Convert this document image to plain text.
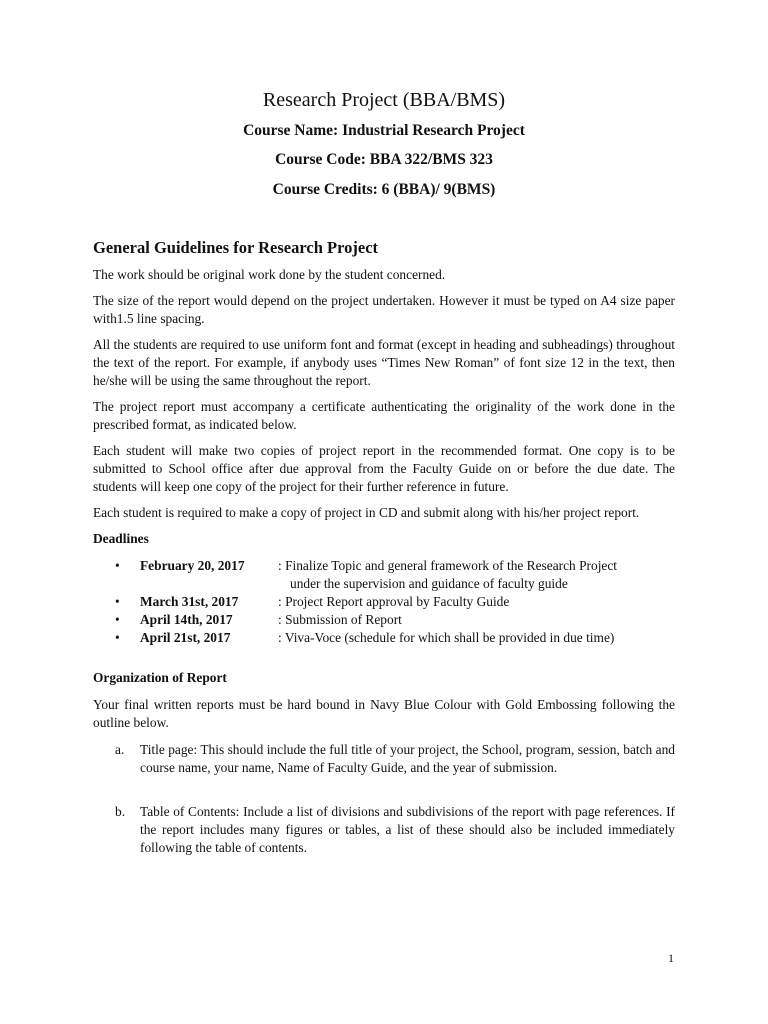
Research Project (BBA/BMS)
Course Name: Industrial Research Project
Course Code: BBA 322/BMS 323
Course Credits: 6 (BBA)/ 9(BMS)
General Guidelines for Research Project

The work should be original work done by the student concerned.

The size of the report would depend on the project undertaken. However it must be typed on A4 size paper with1.5 line spacing.

All the students are required to use uniform font and format (except in heading and subheadings) throughout the text of the report. For example, if anybody uses “Times New Roman” of font size 12 in the text, then he/she will be using the same throughout the report.

The project report must accompany a certificate authenticating the originality of the work done in the prescribed format, as indicated below.

Each student will make two copies of project report in the recommended format. One copy is to be submitted to School office after due approval from the Faculty Guide on or before the due date. The students will keep one copy of the project for their further reference in future.

Each student is required to make a copy of project in CD and submit along with his/her project report.

Deadlines
• February 20, 2017	: Finalize Topic and general framework of the Research Project
under the supervision and guidance of faculty guide
• March 31st, 2017	: Project Report approval by Faculty Guide
• April 14th, 2017	: Submission of Report
• April 21st, 2017	: Viva-Voce (schedule for which shall be provided in due time)
Organization of Report

Your final written reports must be hard bound in Navy Blue Colour with Gold Embossing following the outline below.

a. Title page: This should include the full title of your project, the School, program, session, batch and course name, your name, Name of Faculty Guide, and the year of submission.
b. Table of Contents: Include a list of divisions and subdivisions of the report with page references. If the report includes many figures or tables, a list of these should also be included immediately following the table of contents.
1
